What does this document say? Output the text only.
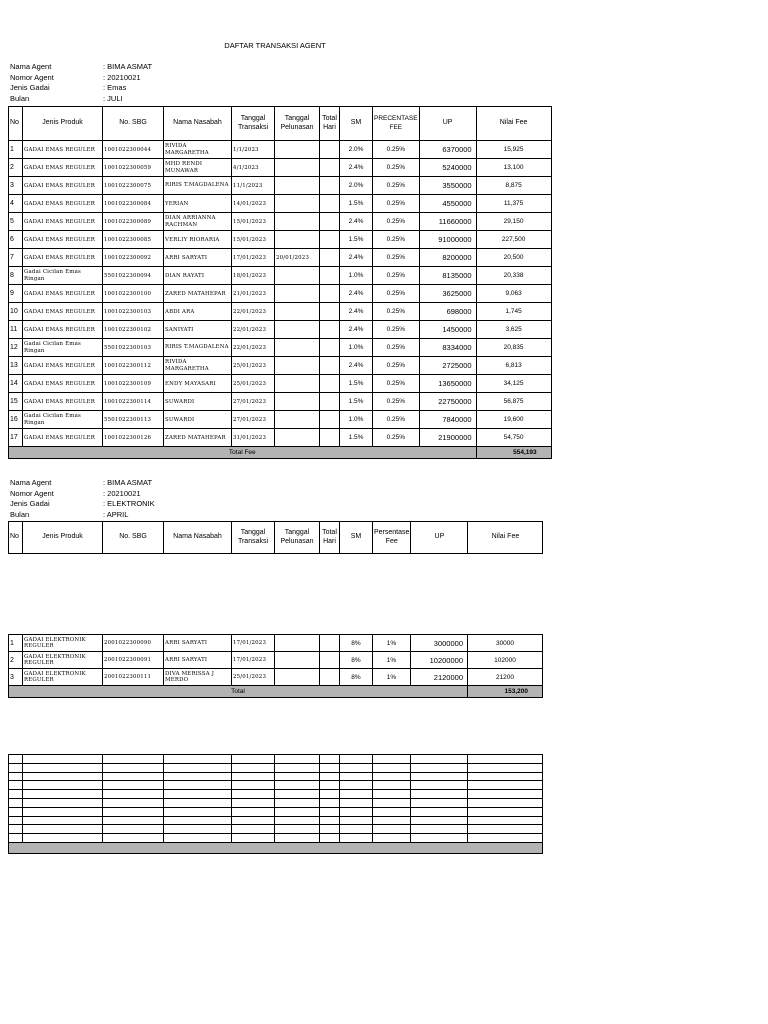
DAFTAR TRANSAKSI AGENT
Nama Agent	: BIMA ASMAT
Nomor Agent	: 20210021
Jenis Gadai	: Emas
Bulan	: JULI
No	Jenis Produk	No. SBG	Nama Nasabah	Tanggal Transaksi	Tanggal Pelunasan	Total Hari	SM	PRECENTASE FEE	UP	Nilai Fee
1	GADAI EMAS REGULER	1001022300044	RIVIDA MARGARETHA	1/1/2023			2.0%	0.25%	6370000	15,925
2	GADAI EMAS REGULER	1001022300059	MHD RENDI MUNAWAR	4/1/2023			2.4%	0.25%	5240000	13,100
3	GADAI EMAS REGULER	1001022300075	RIRIS T.MAGDALENA	11/1/2023			2.0%	0.25%	3550000	8,875
4	GADAI EMAS REGULER	1001022300084	YERIAN	14/01/2023			1.5%	0.25%	4550000	11,375
5	GADAI EMAS REGULER	1001022300089	DIAN ARRIANNA RACHMAN	15/01/2023			2.4%	0.25%	11660000	29,150
6	GADAI EMAS REGULER	1001022300085	VERLIY RIORARIA	15/01/2023			1.5%	0.25%	91000000	227,500
7	GADAI EMAS REGULER	1001022300092	ARRI SARYATI	17/01/2023	20/01/2023		2.4%	0.25%	8200000	20,500
8	Gadai Cicilan Emas Ringan	5501022300094	DIAN RAYATI	18/01/2023			1.0%	0.25%	8135000	20,338
9	GADAI EMAS REGULER	1001022300100	ZARED MATAHEPAR	21/01/2023			2.4%	0.25%	3625000	9,063
10	GADAI EMAS REGULER	1001022300103	ABDI ARA	22/01/2023			2.4%	0.25%	698000	1,745
11	GADAI EMAS REGULER	1001022300102	SANIYATI	22/01/2023			2.4%	0.25%	1450000	3,625
12	Gadai Cicilan Emas Ringan	5501022300103	RIRIS T.MAGDALENA	22/01/2023			1.0%	0.25%	8334000	20,835
13	GADAI EMAS REGULER	1001022300112	RIVIDA MARGARETHA	25/01/2023			2.4%	0.25%	2725000	6,813
14	GADAI EMAS REGULER	1001022300109	ENDY MAYASARI	25/01/2023			1.5%	0.25%	13650000	34,125
15	GADAI EMAS REGULER	1001022300114	SUWARDI	27/01/2023			1.5%	0.25%	22750000	56,875
16	Gadai Cicilan Emas Ringan	5501022300113	SUWARDI	27/01/2023			1.0%	0.25%	7840000	19,600
17	GADAI EMAS REGULER	1001022300126	ZARED MATAHEPAR	31/01/2023			1.5%	0.25%	21900000	54,750
Total Fee										554,193
Nama Agent	: BIMA ASMAT
Nomor Agent	: 20210021
Jenis Gadai	: ELEKTRONIK
Bulan	: APRIL
No	Jenis Produk	No. SBG	Nama Nasabah	Tanggal Transaksi	Tanggal Pelunasan	Total Hari	SM	Persentase Fee	UP	Nilai Fee
1	GADAI ELEKTRONIK REGULER	2001022300090	ARRI SARYATI	17/01/2023			8%	1%	3000000	30000
2	GADAI ELEKTRONIK REGULER	2001022300091	ARRI SARYATI	17/01/2023			8%	1%	10200000	102000
3	GADAI ELEKTRONIK REGULER	2001022300111	DIVA MERISSA J MERDO	25/01/2023			8%	1%	2120000	21200
Total										153,200
